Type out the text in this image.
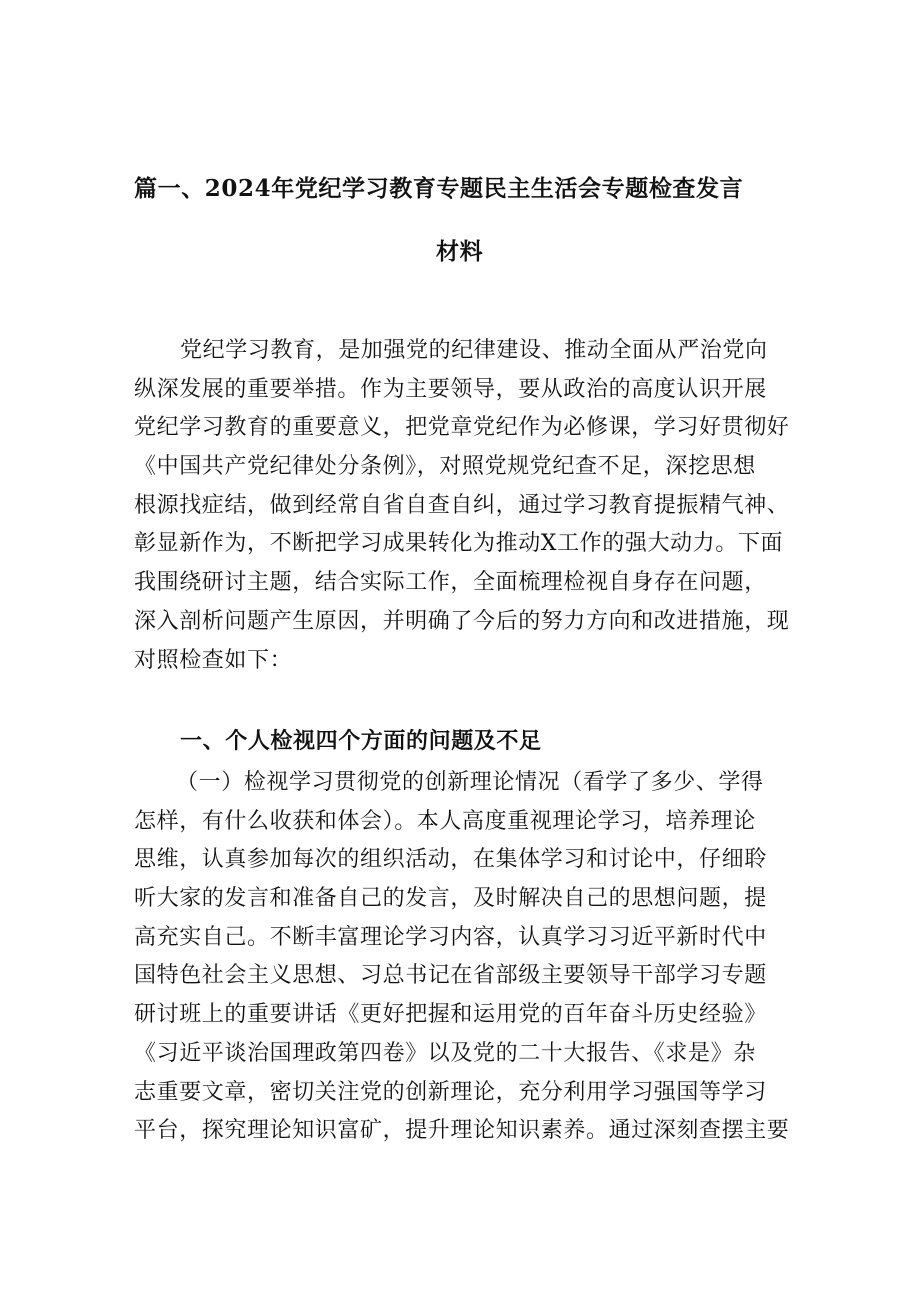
篇一、2024年党纪学习教育专题民主生活会专题检查发言
材料
党纪学习教育，是加强党的纪律建设、推动全面从严治党向
纵深发展的重要举措。作为主要领导，要从政治的高度认识开展
党纪学习教育的重要意义，把党章党纪作为必修课，学习好贯彻好
《中国共产党纪律处分条例》，对照党规党纪查不足，深挖思想
根源找症结，做到经常自省自查自纠，通过学习教育提振精气神、
彰显新作为，不断把学习成果转化为推动X工作的强大动力。下面
我围绕研讨主题，结合实际工作，全面梳理检视自身存在问题，
深入剖析问题产生原因，并明确了今后的努力方向和改进措施，现
对照检查如下：
一、个人检视四个方面的问题及不足
（一）检视学习贯彻党的创新理论情况（看学了多少、学得
怎样，有什么收获和体会）。本人高度重视理论学习，培养理论
思维，认真参加每次的组织活动，在集体学习和讨论中，仔细聆
听大家的发言和准备自己的发言，及时解决自己的思想问题，提
高充实自己。不断丰富理论学习内容，认真学习习近平新时代中
国特色社会主义思想、习总书记在省部级主要领导干部学习专题
研讨班上的重要讲话《更好把握和运用党的百年奋斗历史经验》
《习近平谈治国理政第四卷》以及党的二十大报告、《求是》杂
志重要文章，密切关注党的创新理论，充分利用学习强国等学习
平台，探究理论知识富矿，提升理论知识素养。通过深刻查摆主要
